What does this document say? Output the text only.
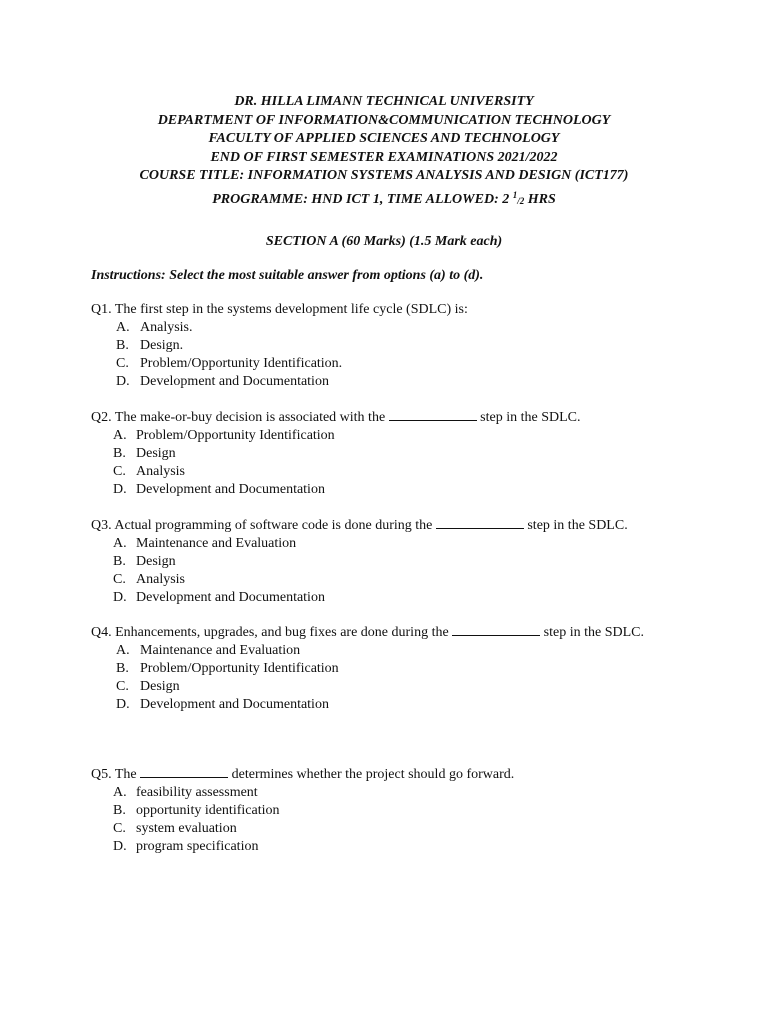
DR. HILLA LIMANN TECHNICAL UNIVERSITY
DEPARTMENT OF INFORMATION&COMMUNICATION TECHNOLOGY
FACULTY OF APPLIED SCIENCES AND TECHNOLOGY
END OF FIRST SEMESTER EXAMINATIONS 2021/2022
COURSE TITLE: INFORMATION SYSTEMS ANALYSIS AND DESIGN (ICT177)
PROGRAMME: HND ICT 1, TIME ALLOWED: 2 $^1$/2 HRS
SECTION A (60 Marks) (1.5 Mark each)
Instructions: Select the most suitable answer from options (a) to (d).
Q1. The first step in the systems development life cycle (SDLC) is:
A. Analysis.
B. Design.
C. Problem/Opportunity Identification.
D. Development and Documentation
Q2. The make-or-buy decision is associated with the	step in the SDLC.
A. Problem/Opportunity Identification
B. Design
C. Analysis
D. Development and Documentation
Q3. Actual programming of software code is done during the	step in the SDLC.
A. Maintenance and Evaluation
B. Design
C. Analysis
D. Development and Documentation
Q4. Enhancements, upgrades, and bug fixes are done during the	step in the SDLC.
A. Maintenance and Evaluation
B. Problem/Opportunity Identification
C. Design
D. Development and Documentation
Q5. The	determines whether the project should go forward.
A. feasibility assessment
B. opportunity identification
C. system evaluation
D. program specification
